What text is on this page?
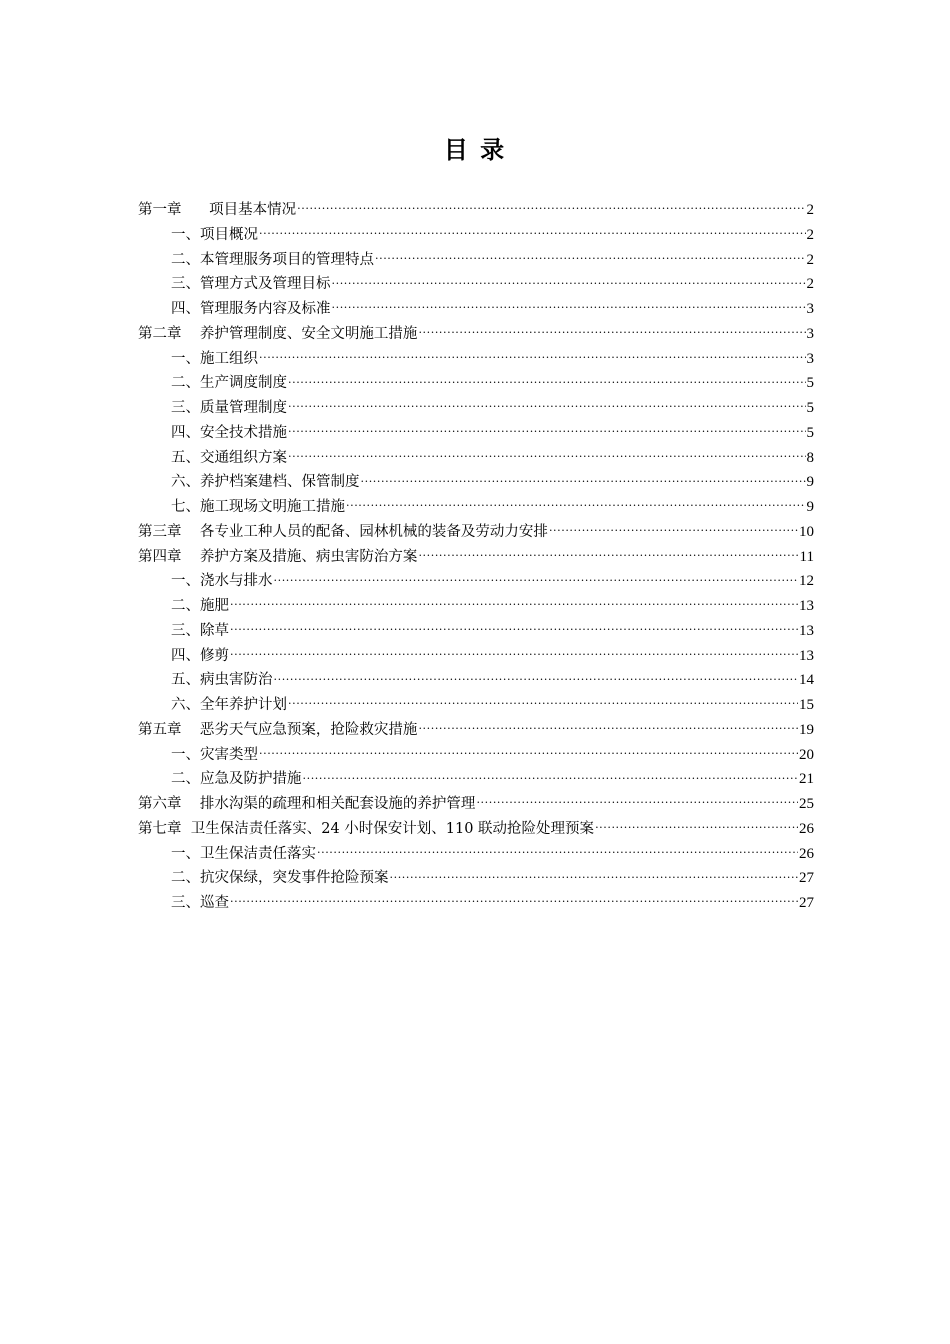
目 录
第一章      项目基本情况 .....	2
一、项目概况 .....	2
二、本管理服务项目的管理特点 .....	2
三、管理方式及管理目标 .....	2
四、管理服务内容及标准 .....	3
第二章    养护管理制度、安全文明施工措施 .....	3
一、施工组织 .....	3
二、生产调度制度 .....	5
三、质量管理制度 .....	5
四、安全技术措施 .....	5
五、交通组织方案 .....	8
六、养护档案建档、保管制度 .....	9
七、施工现场文明施工措施 .....	9
第三章    各专业工种人员的配备、园林机械的装备及劳动力安排 .....	10
第四章    养护方案及措施、病虫害防治方案 .....	11
一、浇水与排水 .....	12
二、施肥 .....	13
三、除草 .....	13
四、修剪 .....	13
五、病虫害防治 .....	14
六、全年养护计划 .....	15
第五章    恶劣天气应急预案，抢险救灾措施 .....	19
一、灾害类型 .....	20
二、应急及防护措施 .....	21
第六章    排水沟渠的疏理和相关配套设施的养护管理 .....	25
第七章  卫生保洁责任落实、24 小时保安计划、110 联动抢险处理预案 .....	26
一、卫生保洁责任落实 .....	26
二、抗灾保绿，突发事件抢险预案 .....	27
三、巡查 .....	27
